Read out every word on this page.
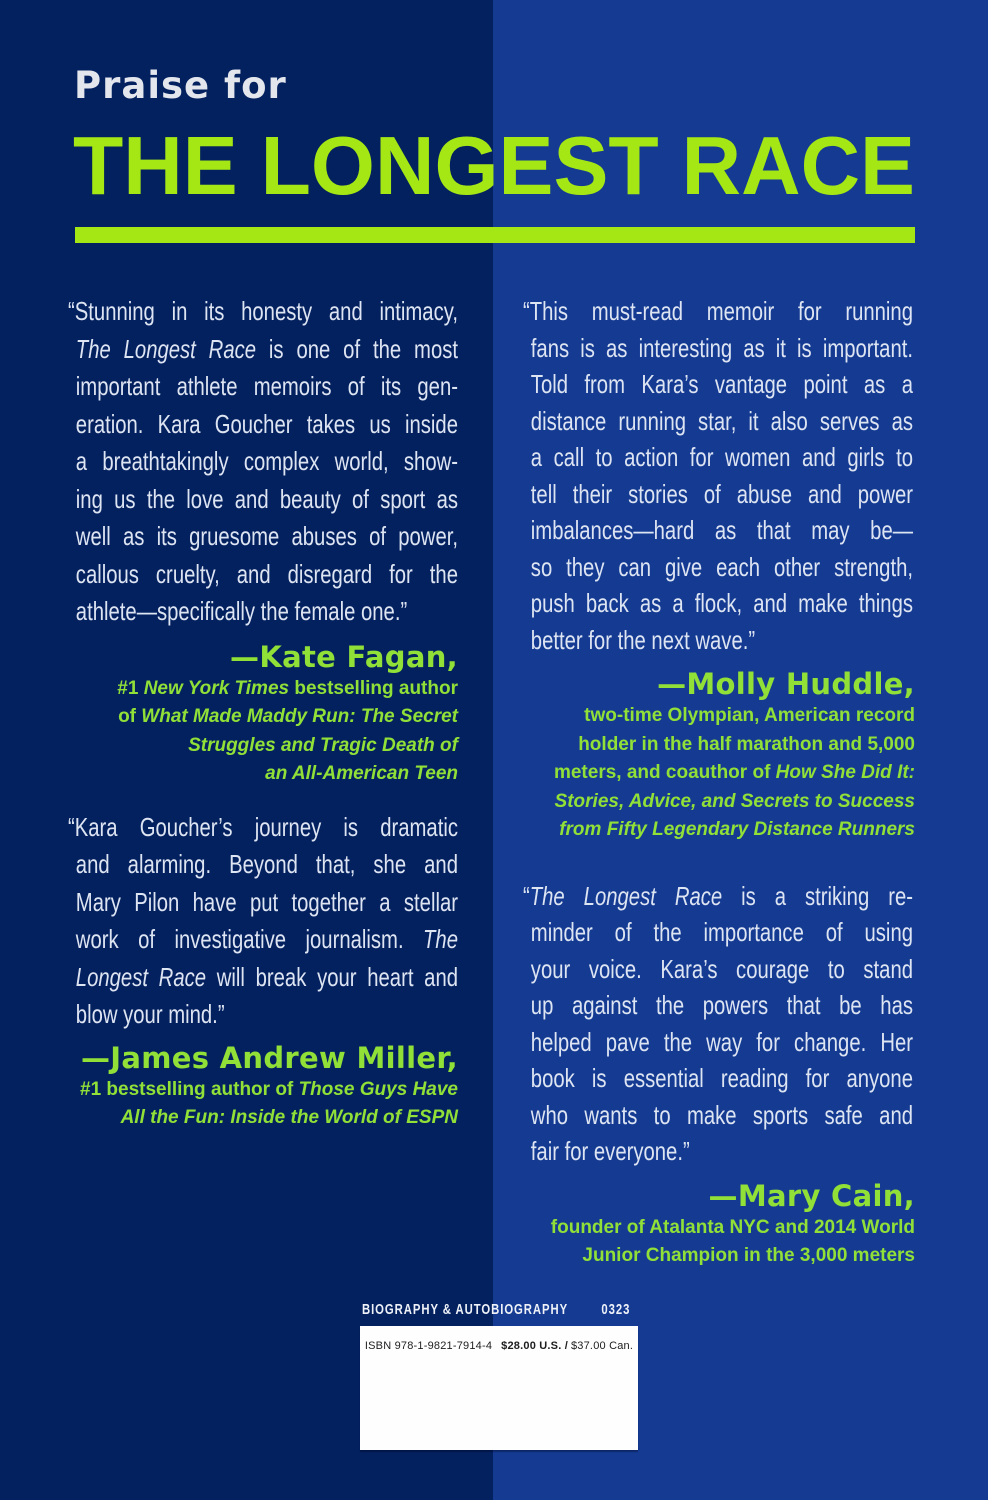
Praise for
THE LONGEST RACE
“Stunning in its honesty and intimacy,
The Longest Race is one of the most
important athlete memoirs of its gen-
eration. Kara Goucher takes us inside
a breathtakingly complex world, show-
ing us the love and beauty of sport as
well as its gruesome abuses of power,
callous cruelty, and disregard for the
athlete—specifically the female one.”
—Kate Fagan,
#1 New York Times bestselling author
of What Made Maddy Run: The Secret
Struggles and Tragic Death of
an All-American Teen
“Kara Goucher’s journey is dramatic
and alarming. Beyond that, she and
Mary Pilon have put together a stellar
work of investigative journalism. The
Longest Race will break your heart and
blow your mind.”
—James Andrew Miller,
#1 bestselling author of Those Guys Have
All the Fun: Inside the World of ESPN
“This must-read memoir for running
fans is as interesting as it is important.
Told from Kara’s vantage point as a
distance running star, it also serves as
a call to action for women and girls to
tell their stories of abuse and power
imbalances—hard as that may be—
so they can give each other strength,
push back as a flock, and make things
better for the next wave.”
—Molly Huddle,
two-time Olympian, American record
holder in the half marathon and 5,000
meters, and coauthor of How She Did It:
Stories, Advice, and Secrets to Success
from Fifty Legendary Distance Runners
“The Longest Race is a striking re-
minder of the importance of using
your voice. Kara’s courage to stand
up against the powers that be has
helped pave the way for change. Her
book is essential reading for anyone
who wants to make sports safe and
fair for everyone.”
—Mary Cain,
founder of Atalanta NYC and 2014 World
Junior Champion in the 3,000 meters
BIOGRAPHY & AUTOBIOGRAPHY 0323
ISBN 978-1-9821-7914-4 $28.00 U.S. / $37.00 Can.
